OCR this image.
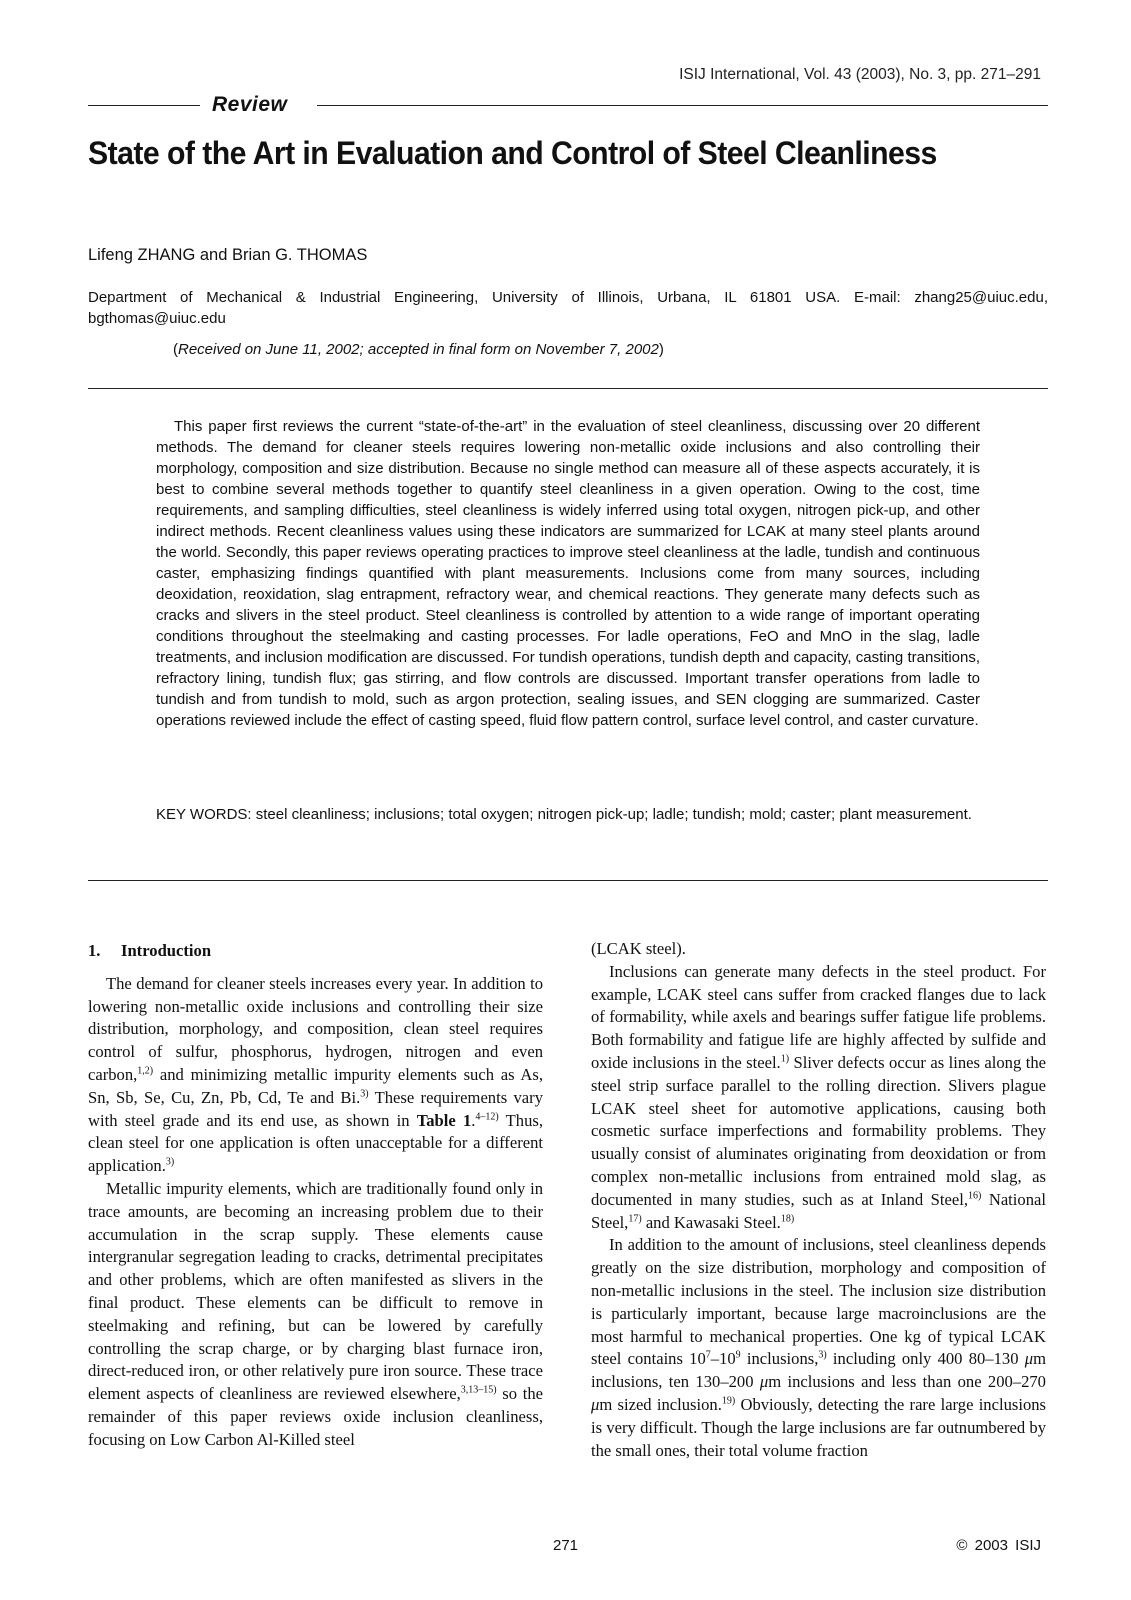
ISIJ International, Vol. 43 (2003), No. 3, pp. 271–291
Review
State of the Art in Evaluation and Control of Steel Cleanliness
Lifeng ZHANG and Brian G. THOMAS
Department of Mechanical & Industrial Engineering, University of Illinois, Urbana, IL 61801 USA. E-mail: zhang25@uiuc.edu, bgthomas@uiuc.edu
(Received on June 11, 2002; accepted in final form on November 7, 2002)

This paper first reviews the current “state-of-the-art” in the evaluation of steel cleanliness, discussing over 20 different methods. The demand for cleaner steels requires lowering non-metallic oxide inclusions and also controlling their morphology, composition and size distribution. Because no single method can measure all of these aspects accurately, it is best to combine several methods together to quantify steel cleanliness in a given operation. Owing to the cost, time requirements, and sampling difficulties, steel cleanliness is widely inferred using total oxygen, nitrogen pick-up, and other indirect methods. Recent cleanliness values using these indicators are summarized for LCAK at many steel plants around the world. Secondly, this paper reviews operating practices to improve steel cleanliness at the ladle, tundish and continuous caster, emphasizing findings quantified with plant measurements. Inclusions come from many sources, including deoxidation, reoxidation, slag entrapment, refractory wear, and chemical reactions. They generate many defects such as cracks and slivers in the steel product. Steel cleanliness is controlled by attention to a wide range of important operating conditions throughout the steelmaking and casting processes. For ladle operations, FeO and MnO in the slag, ladle treatments, and inclusion modification are discussed. For tundish operations, tundish depth and capacity, casting transitions, refractory lining, tundish flux; gas stirring, and flow controls are discussed. Important transfer operations from ladle to tundish and from tundish to mold, such as argon protection, sealing issues, and SEN clogging are summarized. Caster operations reviewed include the effect of casting speed, fluid flow pattern control, surface level control, and caster curvature.

KEY WORDS: steel cleanliness; inclusions; total oxygen; nitrogen pick-up; ladle; tundish; mold; caster; plant measurement.

1. Introduction

The demand for cleaner steels increases every year. In addition to lowering non-metallic oxide inclusions and controlling their size distribution, morphology, and composition, clean steel requires control of sulfur, phosphorus, hydrogen, nitrogen and even carbon,$^{1,2)}$ and minimizing metallic impurity elements such as As, Sn, Sb, Se, Cu, Zn, Pb, Cd, Te and Bi.$^{3)}$ These requirements vary with steel grade and its end use, as shown in Table 1.$^{4-12)}$ Thus, clean steel for one application is often unacceptable for a different application.$^{3)}$

Metallic impurity elements, which are traditionally found only in trace amounts, are becoming an increasing problem due to their accumulation in the scrap supply. These elements cause intergranular segregation leading to cracks, detrimental precipitates and other problems, which are often manifested as slivers in the final product. These elements can be difficult to remove in steelmaking and refining, but can be lowered by carefully controlling the scrap charge, or by charging blast furnace iron, direct-reduced iron, or other relatively pure iron source. These trace element aspects of cleanliness are reviewed elsewhere,$^{3,13-15)}$ so the remainder of this paper reviews oxide inclusion cleanliness, focusing on Low Carbon Al-Killed steel

(LCAK steel).

Inclusions can generate many defects in the steel product. For example, LCAK steel cans suffer from cracked flanges due to lack of formability, while axels and bearings suffer fatigue life problems. Both formability and fatigue life are highly affected by sulfide and oxide inclusions in the steel.$^{1)}$ Sliver defects occur as lines along the steel strip surface parallel to the rolling direction. Slivers plague LCAK steel sheet for automotive applications, causing both cosmetic surface imperfections and formability problems. They usually consist of aluminates originating from deoxidation or from complex non-metallic inclusions from entrained mold slag, as documented in many studies, such as at Inland Steel,$^{16)}$ National Steel,$^{17)}$ and Kawasaki Steel.$^{18)}$

In addition to the amount of inclusions, steel cleanliness depends greatly on the size distribution, morphology and composition of non-metallic inclusions in the steel. The inclusion size distribution is particularly important, because large macroinclusions are the most harmful to mechanical properties. One kg of typical LCAK steel contains $10^7-10^9$ inclusions,$^{3)}$ including only 400 80–130 μm inclusions, ten 130–200 μm inclusions and less than one 200–270 μm sized inclusion.$^{19)}$ Obviously, detecting the rare large inclusions is very difficult. Though the large inclusions are far outnumbered by the small ones, their total volume fraction

271	© 2003 ISIJ
